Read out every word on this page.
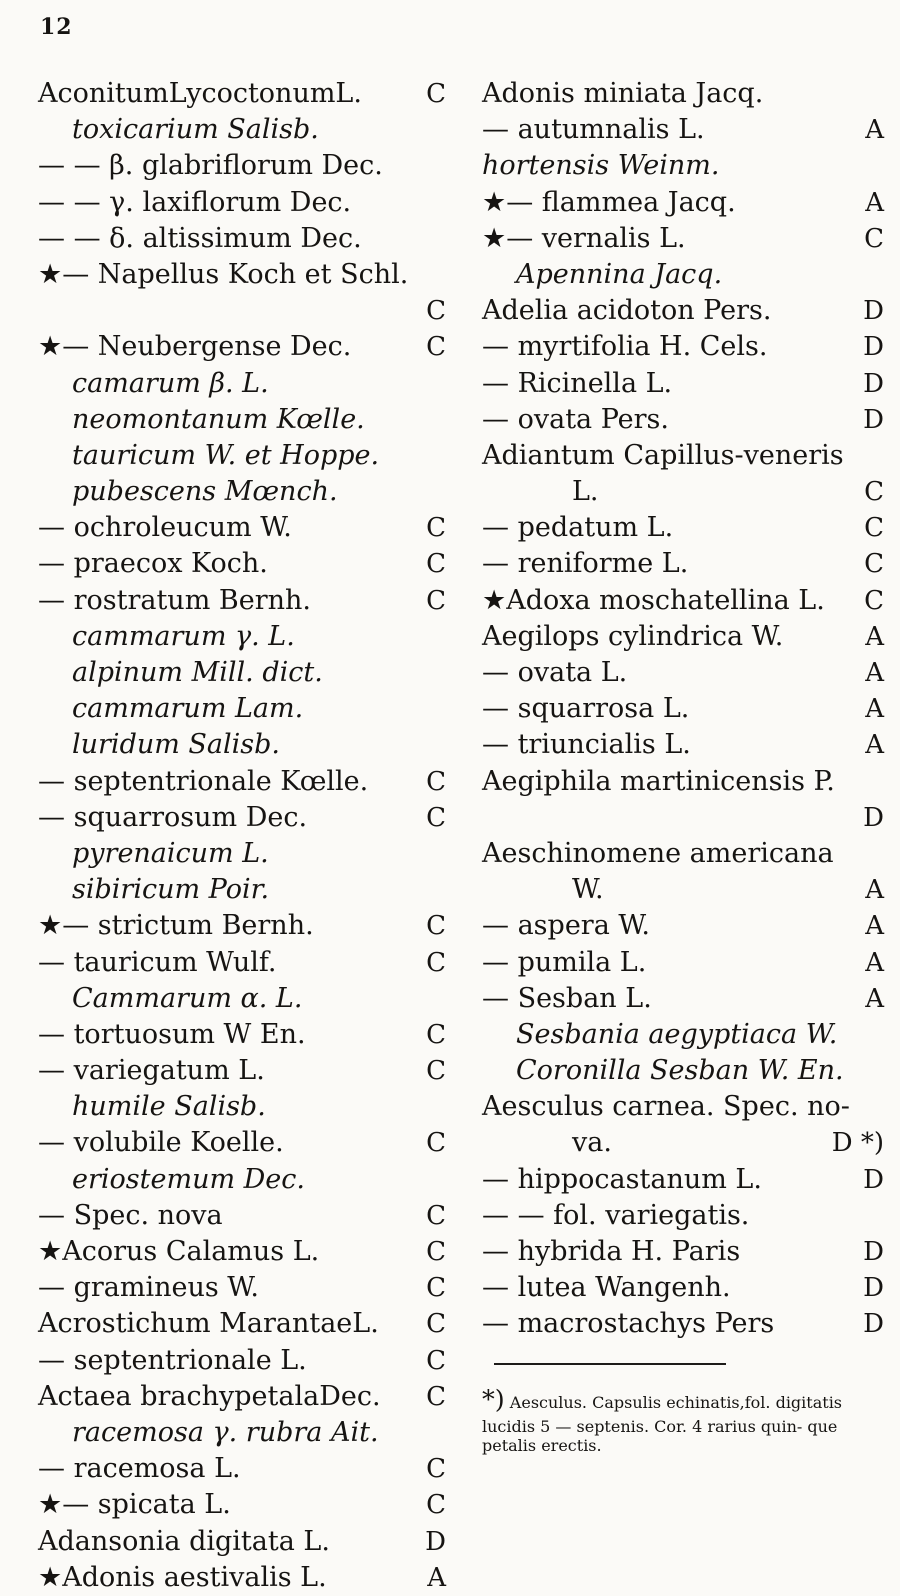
12
AconitumLycoctonumL.	C
toxicarium Salisb.
— — β. glabriflorum Dec.
— — γ. laxiflorum Dec.
— — δ. altissimum Dec.
★— Napellus Koch et Schl.
C
★— Neubergense Dec.	C
camarum β. L.
neomontanum Kœlle.
tauricum W. et Hoppe.
pubescens Mœnch.
— ochroleucum W.	C
— praecox Koch.	C
— rostratum Bernh.	C
cammarum γ. L.
alpinum Mill. dict.
cammarum Lam.
luridum Salisb.
— septentrionale Kœlle.	C
— squarrosum Dec.	C
pyrenaicum L.
sibiricum Poir.
★— strictum Bernh.	C
— tauricum Wulf.	C
Cammarum α. L.
— tortuosum W En.	C
— variegatum L.	C
humile Salisb.
— volubile Koelle.	C
eriostemum Dec.
— Spec. nova	C
★Acorus Calamus L.	C
— gramineus W.	C
Acrostichum MarantaeL.	C
— septentrionale L.	C
Actaea brachypetalaDec.	C
racemosa γ. rubra Ait.
— racemosa L.	C
★— spicata L.	C
Adansonia digitata L.	D
★Adonis aestivalis L.	A
Adonis miniata Jacq.
— autumnalis L.	A
hortensis Weinm.
★— flammea Jacq.	A
★— vernalis L.	C
Apennina Jacq.
Adelia acidoton Pers.	D
— myrtifolia H. Cels.	D
— Ricinella L.	D
— ovata Pers.	D
Adiantum Capillus-veneris
L.	C
— pedatum L.	C
— reniforme L.	C
★Adoxa moschatellina L.	C
Aegilops cylindrica W.	A
— ovata L.	A
— squarrosa L.	A
— triuncialis L.	A
Aegiphila martinicensis P.
D
Aeschinomene americana
W.	A
— aspera W.	A
— pumila L.	A
— Sesban L.	A
Sesbania aegyptiaca W.
Coronilla Sesban W. En.
Aesculus carnea. Spec. no-
va.	D *)
— hippocastanum L.	D
— — fol. variegatis.
— hybrida H. Paris	D
— lutea Wangenh.	D
— macrostachys Pers	D
*) Aesculus. Capsulis echinatis,fol. digitatis lucidis 5 — septenis. Cor. 4 rarius quin- que petalis erectis.
